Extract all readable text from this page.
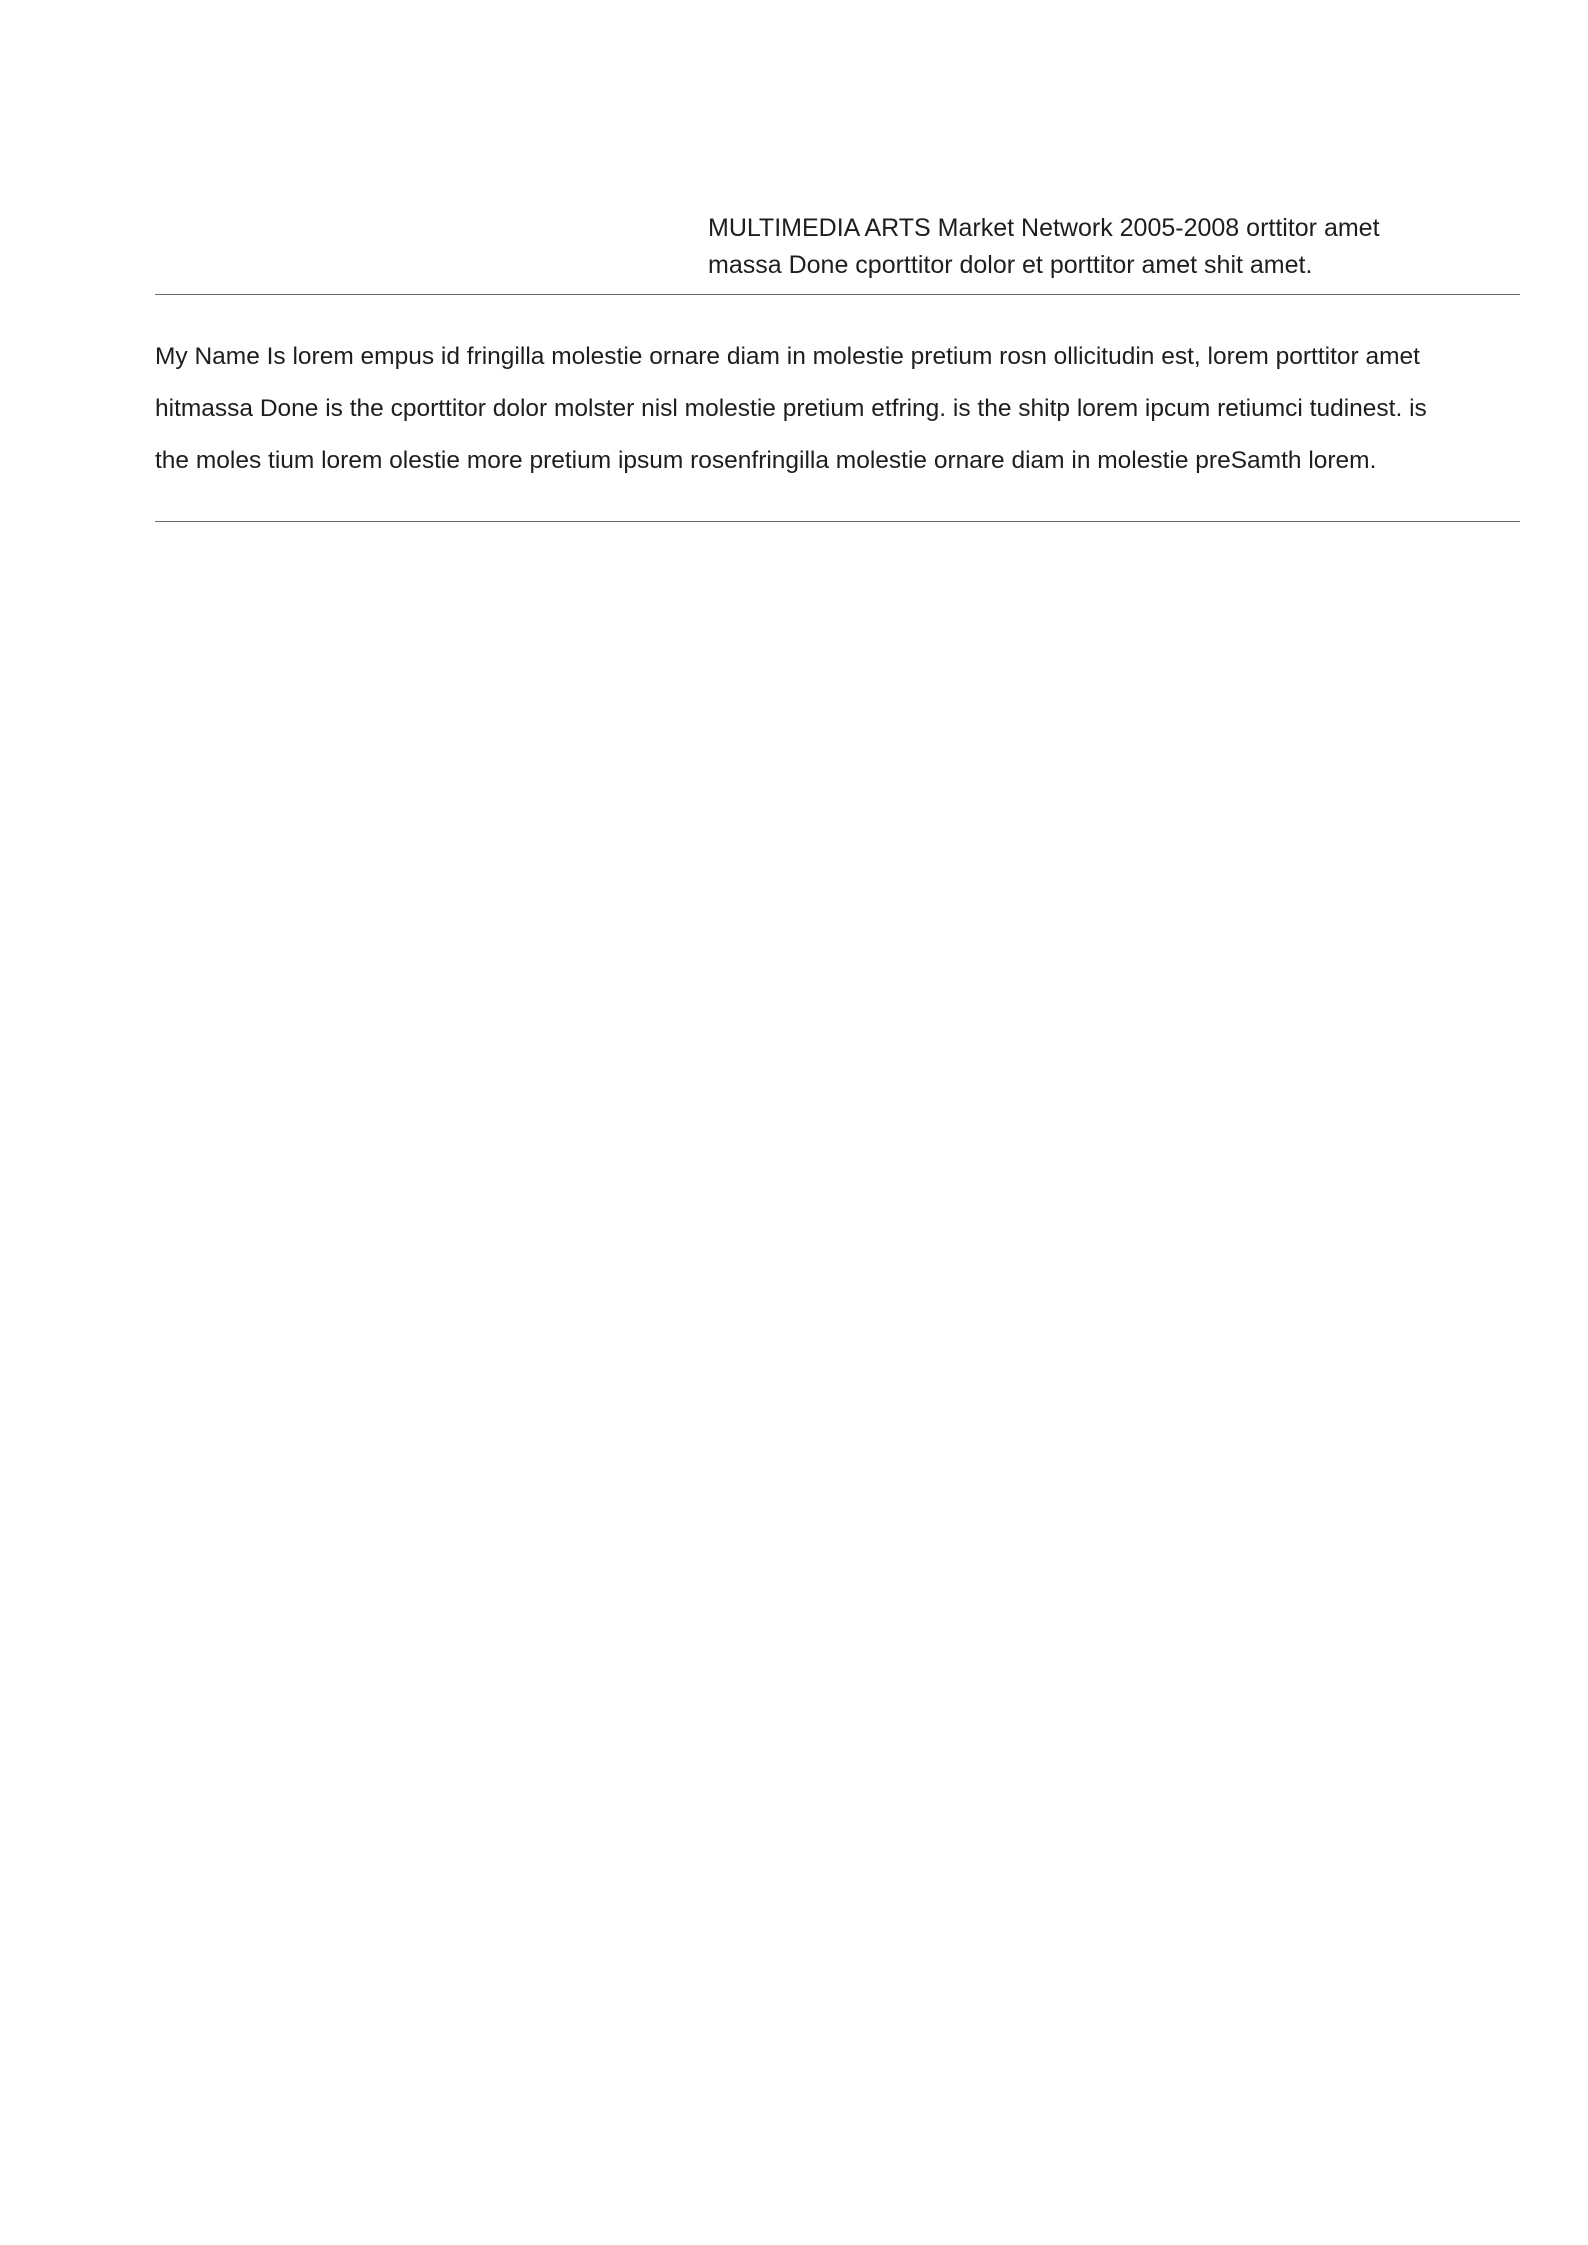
MULTIMEDIA ARTS Market Network 2005-2008 orttitor amet
massa Done cporttitor dolor et porttitor amet shit amet.
My Name Is lorem empus id fringilla molestie ornare diam in molestie pretium rosn ollicitudin est, lorem porttitor amet
hitmassa Done is the cporttitor dolor molster nisl molestie pretium etfring. is the shitp lorem ipcum retiumci tudinest. is
the moles tium lorem olestie more pretium ipsum rosenfringilla molestie ornare diam in molestie preSamth lorem.
